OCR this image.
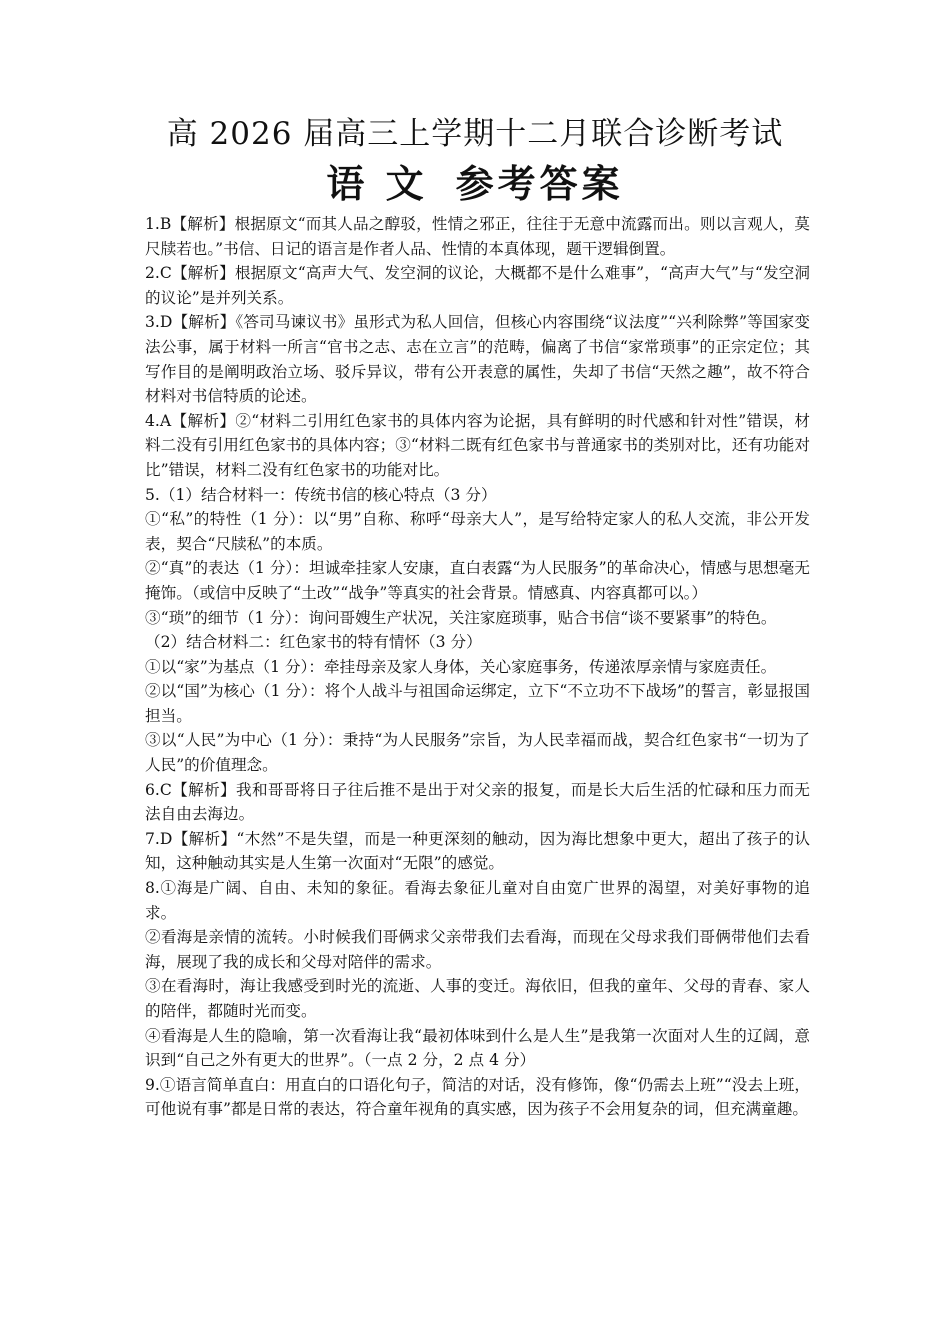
高 2026 届高三上学期十二月联合诊断考试
语 文 参考答案

1.B【解析】根据原文“而其人品之醇驳，性情之邪正，往往于无意中流露而出。则以言观人，莫尺牍若也。”书信、日记的语言是作者人品、性情的本真体现，题干逻辑倒置。

2.C【解析】根据原文“高声大气、发空洞的议论，大概都不是什么难事”，“高声大气”与“发空洞的议论”是并列关系。

3.D【解析】《答司马谏议书》虽形式为私人回信，但核心内容围绕“议法度”“兴利除弊”等国家变法公事，属于材料一所言“官书之志、志在立言”的范畴，偏离了书信“家常琐事”的正宗定位；其写作目的是阐明政治立场、驳斥异议，带有公开表意的属性，失却了书信“天然之趣”，故不符合材料对书信特质的论述。

4.A【解析】②“材料二引用红色家书的具体内容为论据，具有鲜明的时代感和针对性”错误，材料二没有引用红色家书的具体内容；③“材料二既有红色家书与普通家书的类别对比，还有功能对比”错误，材料二没有红色家书的功能对比。

5.（1）结合材料一：传统书信的核心特点（3 分）

①“私”的特性（1 分）：以“男”自称、称呼“母亲大人”，是写给特定家人的私人交流，非公开发表，契合“尺牍私”的本质。

②“真”的表达（1 分）：坦诚牵挂家人安康，直白表露“为人民服务”的革命决心，情感与思想毫无掩饰。（或信中反映了“土改”“战争”等真实的社会背景。情感真、内容真都可以。）

③“琐”的细节（1 分）：询问哥嫂生产状况，关注家庭琐事，贴合书信“谈不要紧事”的特色。

（2）结合材料二：红色家书的特有情怀（3 分）

①以“家”为基点（1 分）：牵挂母亲及家人身体，关心家庭事务，传递浓厚亲情与家庭责任。

②以“国”为核心（1 分）：将个人战斗与祖国命运绑定，立下“不立功不下战场”的誓言，彰显报国担当。

③以“人民”为中心（1 分）：秉持“为人民服务”宗旨，为人民幸福而战，契合红色家书“一切为了人民”的价值理念。

6.C【解析】我和哥哥将日子往后推不是出于对父亲的报复，而是长大后生活的忙碌和压力而无法自由去海边。

7.D【解析】“木然”不是失望，而是一种更深刻的触动，因为海比想象中更大，超出了孩子的认知，这种触动其实是人生第一次面对“无限”的感觉。

8.①海是广阔、自由、未知的象征。看海去象征儿童对自由宽广世界的渴望，对美好事物的追求。

②看海是亲情的流转。小时候我们哥俩求父亲带我们去看海，而现在父母求我们哥俩带他们去看海，展现了我的成长和父母对陪伴的需求。

③在看海时，海让我感受到时光的流逝、人事的变迁。海依旧，但我的童年、父母的青春、家人的陪伴，都随时光而变。

④看海是人生的隐喻，第一次看海让我“最初体味到什么是人生”是我第一次面对人生的辽阔，意识到“自己之外有更大的世界”。（一点 2 分，2 点 4 分）

9.①语言简单直白：用直白的口语化句子，简洁的对话，没有修饰，像“仍需去上班”“没去上班，可他说有事”都是日常的表达，符合童年视角的真实感，因为孩子不会用复杂的词，但充满童趣。
